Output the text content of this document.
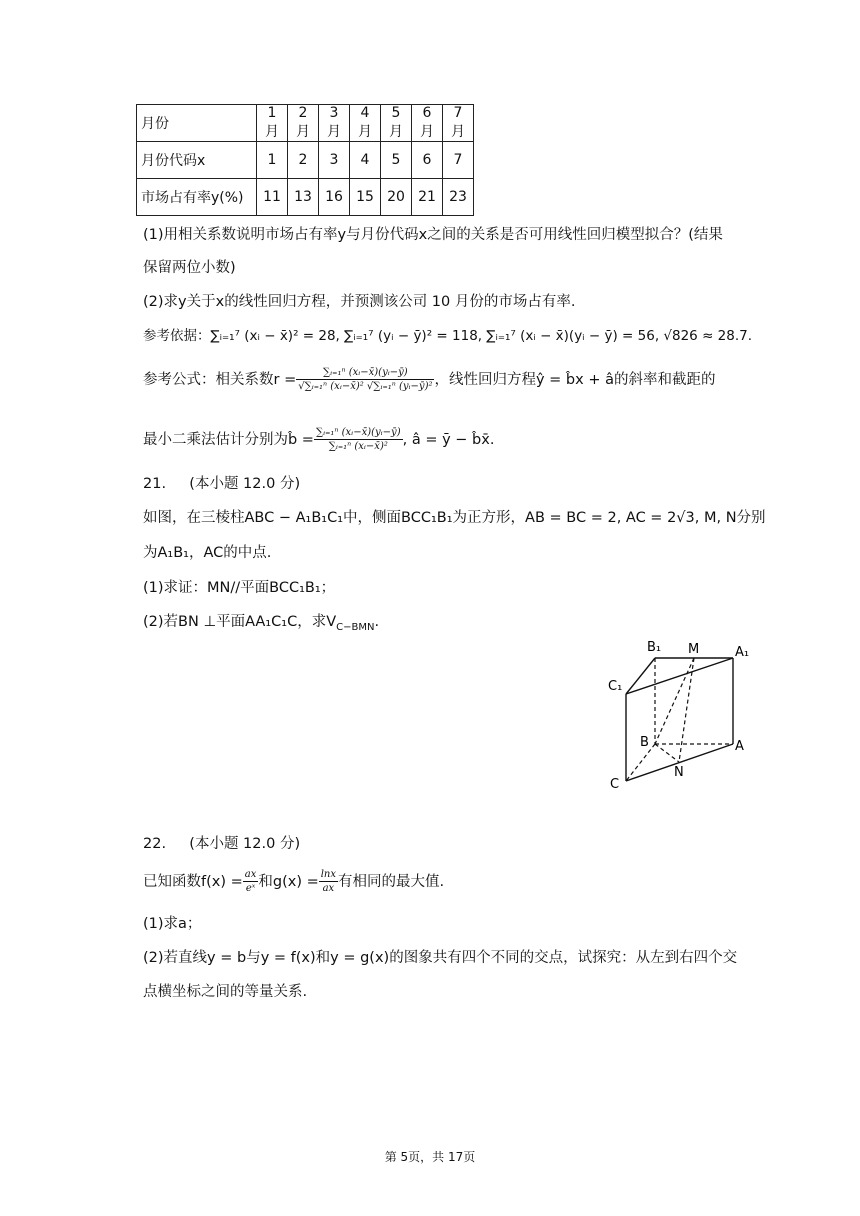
月份	1 月	2 月	3 月	4 月	5 月	6 月	7 月
月份代码x	1	2	3	4	5	6	7
市场占有率y(%)	11	13	16	15	20	21	23
(1)用相关系数说明市场占有率y与月份代码x之间的关系是否可用线性回归模型拟合？(结果
保留两位小数)
(2)求y关于x的线性回归方程，并预测该公司 10 月份的市场占有率.
参考依据：∑ᵢ₌₁⁷ (xᵢ − x̄)² = 28, ∑ᵢ₌₁⁷ (yᵢ − ȳ)² = 118, ∑ᵢ₌₁⁷ (xᵢ − x̄)(yᵢ − ȳ) = 56, √826 ≈ 28.7.
参考公式：相关系数$r = \frac{\text{∑ᵢ₌₁ⁿ (xᵢ−x̄)(yᵢ−ȳ)}}{\text{√∑ᵢ₌₁ⁿ (xᵢ−x̄)² √∑ᵢ₌₁ⁿ (yᵢ−ȳ)²}}$ ，线性回归方程ŷ = b̂x + â的斜率和截距的
最小二乘法估计分别为b̂ = $\frac{\text{∑ᵢ₌₁ⁿ (xᵢ−x̄)(yᵢ−ȳ)}}{\text{∑ᵢ₌₁ⁿ (xᵢ−x̄)²}}$ , â = ȳ − b̂x̄.
21. (本小题 12.0 分)
如图，在三棱柱ABC − A₁B₁C₁中，侧面BCC₁B₁为正方形，AB = BC = 2, AC = 2√3, M, N分别
为A₁B₁，AC的中点.
(1)求证：MN//平面BCC₁B₁；
(2)若BN ⊥平面AA₁C₁C，求$V_{C-BMN}$.
B₁ M	A₁
C₁
B	A
N
C
22. (本小题 12.0 分)
已知函数$f(x) = \frac{ax}{\text{eˣ}}$ 和$g(x) = \frac{\ln x}{ax}$ 有相同的最大值.
(1)求a；
(2)若直线y = b与y = f(x)和y = g(x)的图象共有四个不同的交点，试探究：从左到右四个交
点横坐标之间的等量关系.
第 5页，共 17页
